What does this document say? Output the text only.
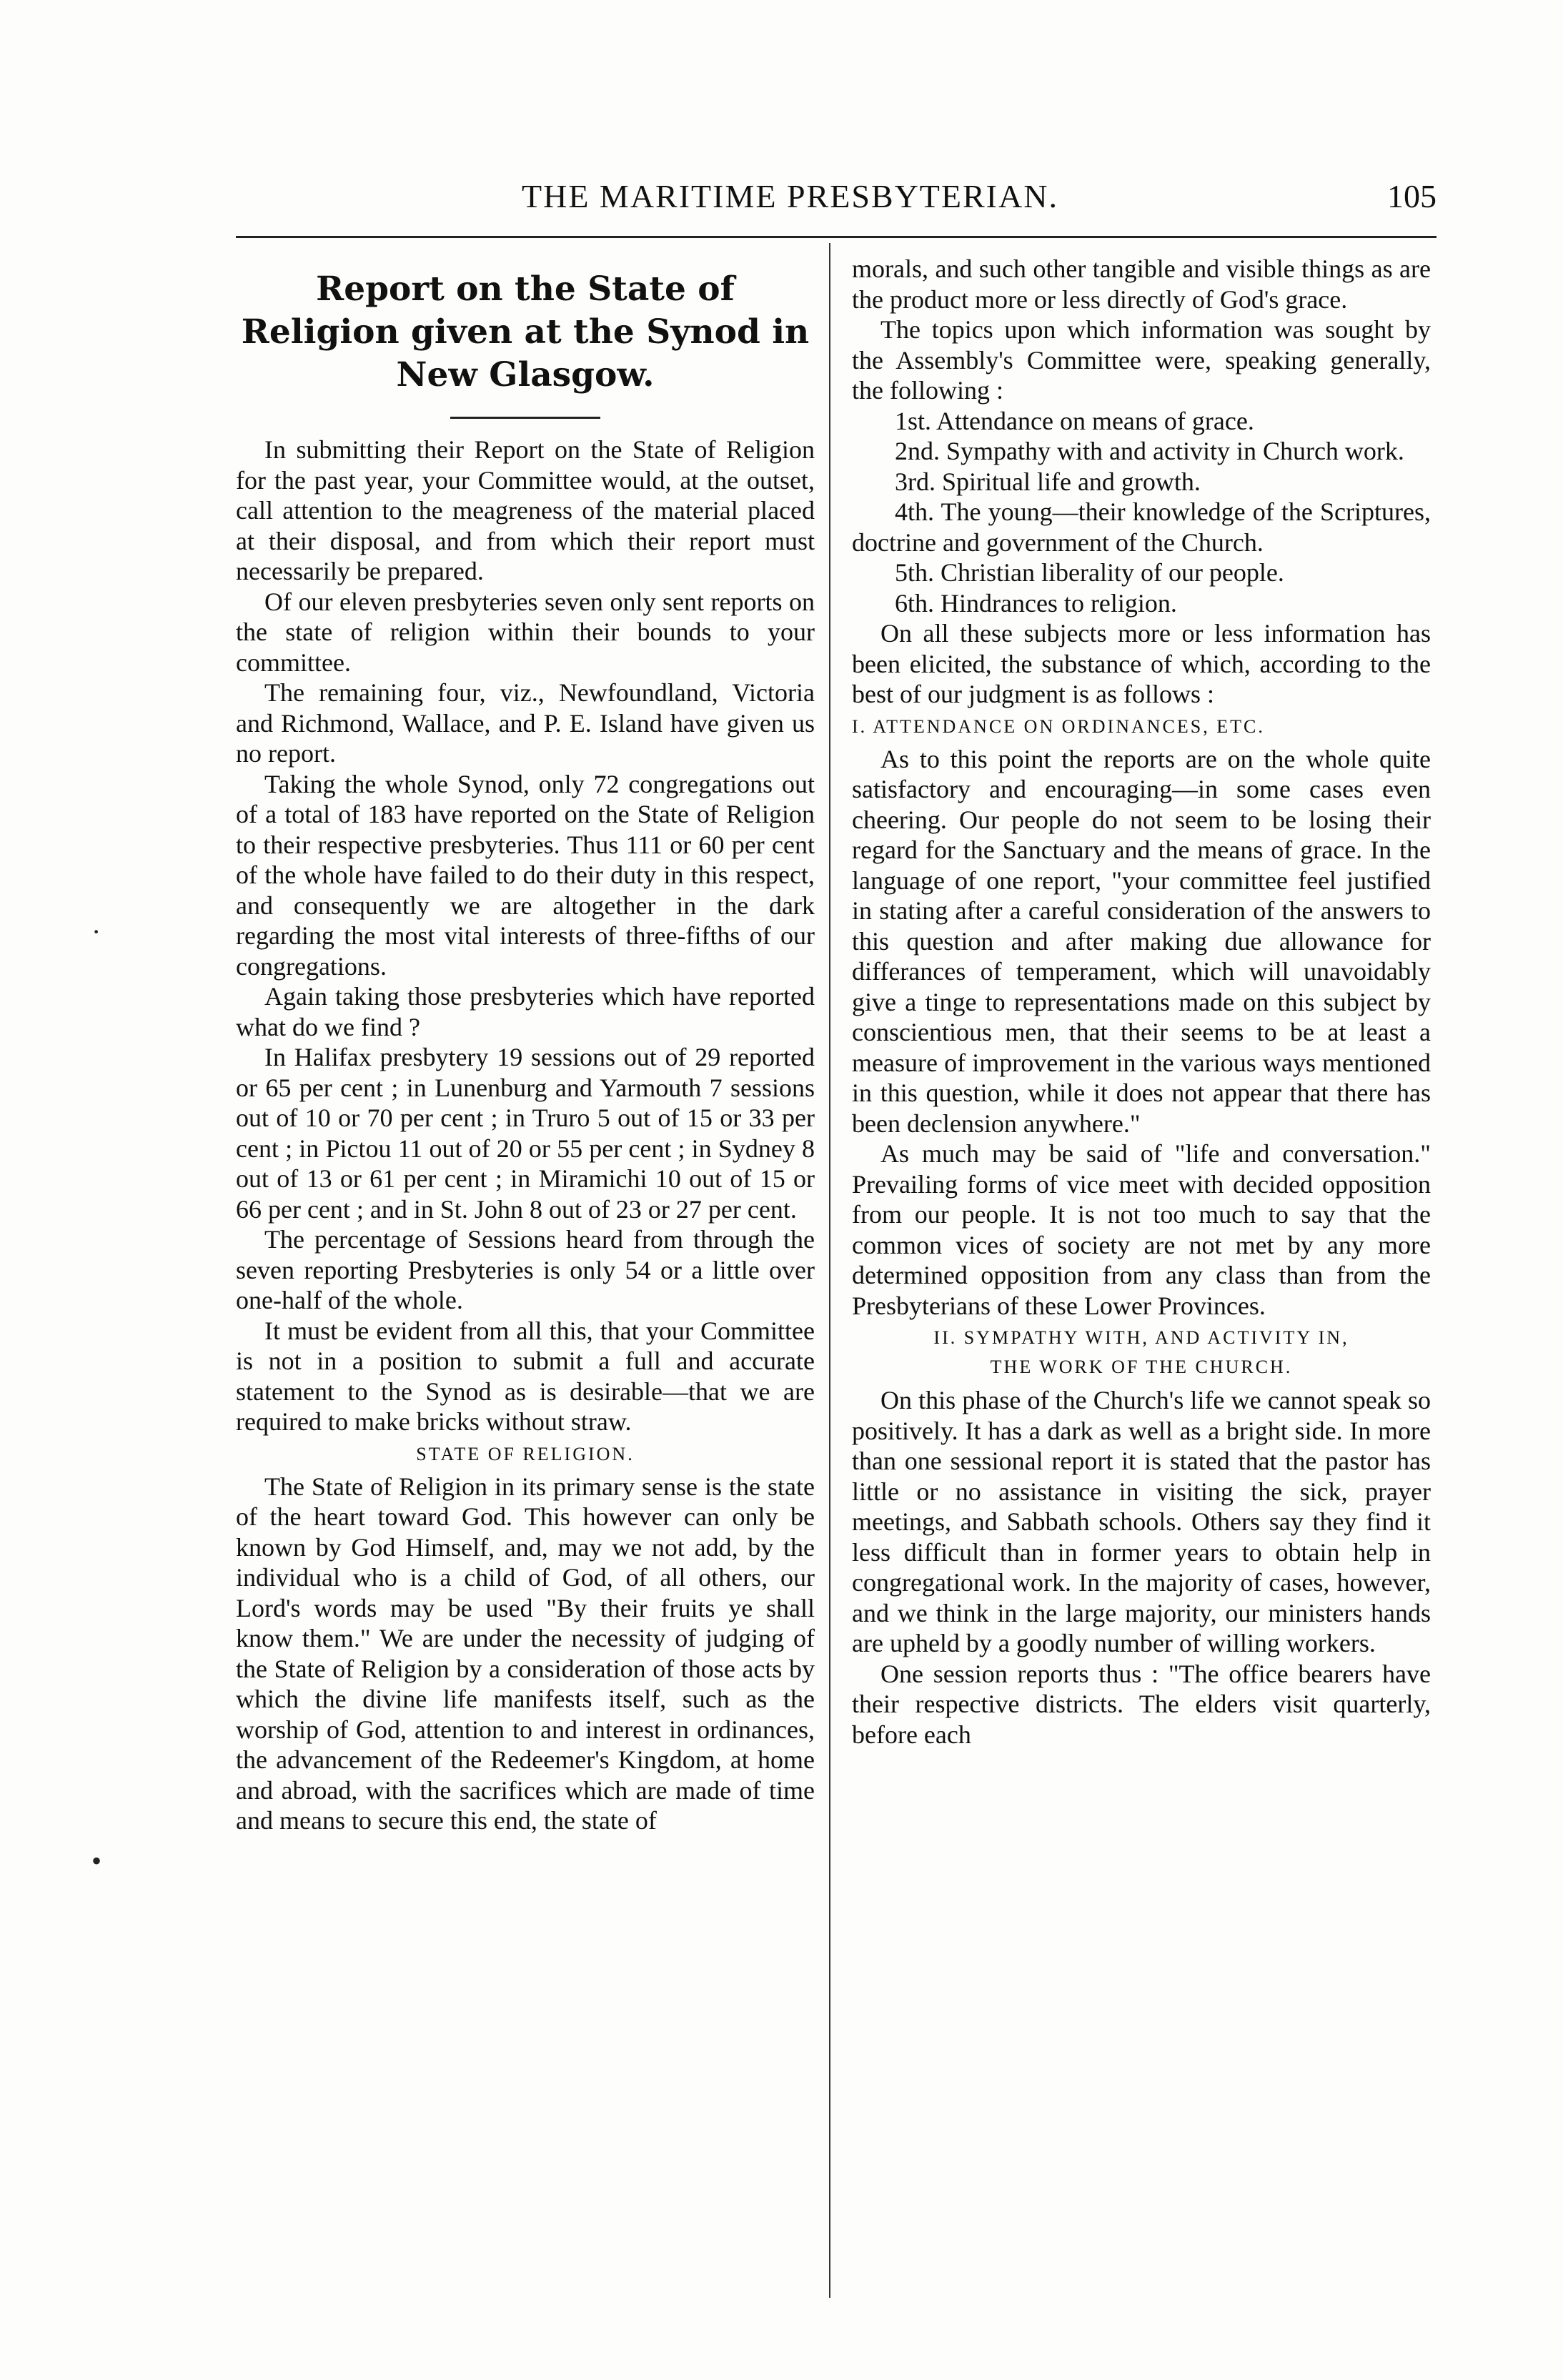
THE MARITIME PRESBYTERIAN.	105
Report on the State of Religion given at the Synod in New Glasgow.

In submitting their Report on the State of Religion for the past year, your Committee would, at the outset, call attention to the meagreness of the material placed at their disposal, and from which their report must necessarily be prepared.

Of our eleven presbyteries seven only sent reports on the state of religion within their bounds to your committee.

The remaining four, viz., Newfoundland, Victoria and Richmond, Wallace, and P. E. Island have given us no report.

Taking the whole Synod, only 72 congregations out of a total of 183 have reported on the State of Religion to their respective presbyteries. Thus 111 or 60 per cent of the whole have failed to do their duty in this respect, and consequently we are altogether in the dark regarding the most vital interests of three-fifths of our congregations.

Again taking those presbyteries which have reported what do we find ?

In Halifax presbytery 19 sessions out of 29 reported or 65 per cent ; in Lunenburg and Yarmouth 7 sessions out of 10 or 70 per cent ; in Truro 5 out of 15 or 33 per cent ; in Pictou 11 out of 20 or 55 per cent ; in Sydney 8 out of 13 or 61 per cent ; in Miramichi 10 out of 15 or 66 per cent ; and in St. John 8 out of 23 or 27 per cent.

The percentage of Sessions heard from through the seven reporting Presbyteries is only 54 or a little over one-half of the whole.

It must be evident from all this, that your Committee is not in a position to submit a full and accurate statement to the Synod as is desirable—that we are required to make bricks without straw.

STATE OF RELIGION.

The State of Religion in its primary sense is the state of the heart toward God. This however can only be known by God Himself, and, may we not add, by the individual who is a child of God, of all others, our Lord's words may be used "By their fruits ye shall know them." We are under the necessity of judging of the State of Religion by a consideration of those acts by which the divine life manifests itself, such as the worship of God, attention to and interest in ordinances, the advancement of the Redeemer's Kingdom, at home and abroad, with the sacrifices which are made of time and means to secure this end, the state of

morals, and such other tangible and visible things as are the product more or less directly of God's grace.

The topics upon which information was sought by the Assembly's Committee were, speaking generally, the following :

1st. Attendance on means of grace.

2nd. Sympathy with and activity in Church work.

3rd. Spiritual life and growth.

4th. The young—their knowledge of the Scriptures, doctrine and government of the Church.

5th. Christian liberality of our people.

6th. Hindrances to religion.

On all these subjects more or less information has been elicited, the substance of which, according to the best of our judgment is as follows :

I. ATTENDANCE ON ORDINANCES, ETC.

As to this point the reports are on the whole quite satisfactory and encouraging—in some cases even cheering. Our people do not seem to be losing their regard for the Sanctuary and the means of grace. In the language of one report, "your committee feel justified in stating after a careful consideration of the answers to this question and after making due allowance for differances of temperament, which will unavoidably give a tinge to representations made on this subject by conscientious men, that their seems to be at least a measure of improvement in the various ways mentioned in this question, while it does not appear that there has been declension anywhere."

As much may be said of "life and conversation." Prevailing forms of vice meet with decided opposition from our people. It is not too much to say that the common vices of society are not met by any more determined opposition from any class than from the Presbyterians of these Lower Provinces.

II. SYMPATHY WITH, AND ACTIVITY IN,
THE WORK OF THE CHURCH.

On this phase of the Church's life we cannot speak so positively. It has a dark as well as a bright side. In more than one sessional report it is stated that the pastor has little or no assistance in visiting the sick, prayer meetings, and Sabbath schools. Others say they find it less difficult than in former years to obtain help in congregational work. In the majority of cases, however, and we think in the large majority, our ministers hands are upheld by a goodly number of willing workers.

One session reports thus : "The office bearers have their respective districts. The elders visit quarterly, before each

·
•
